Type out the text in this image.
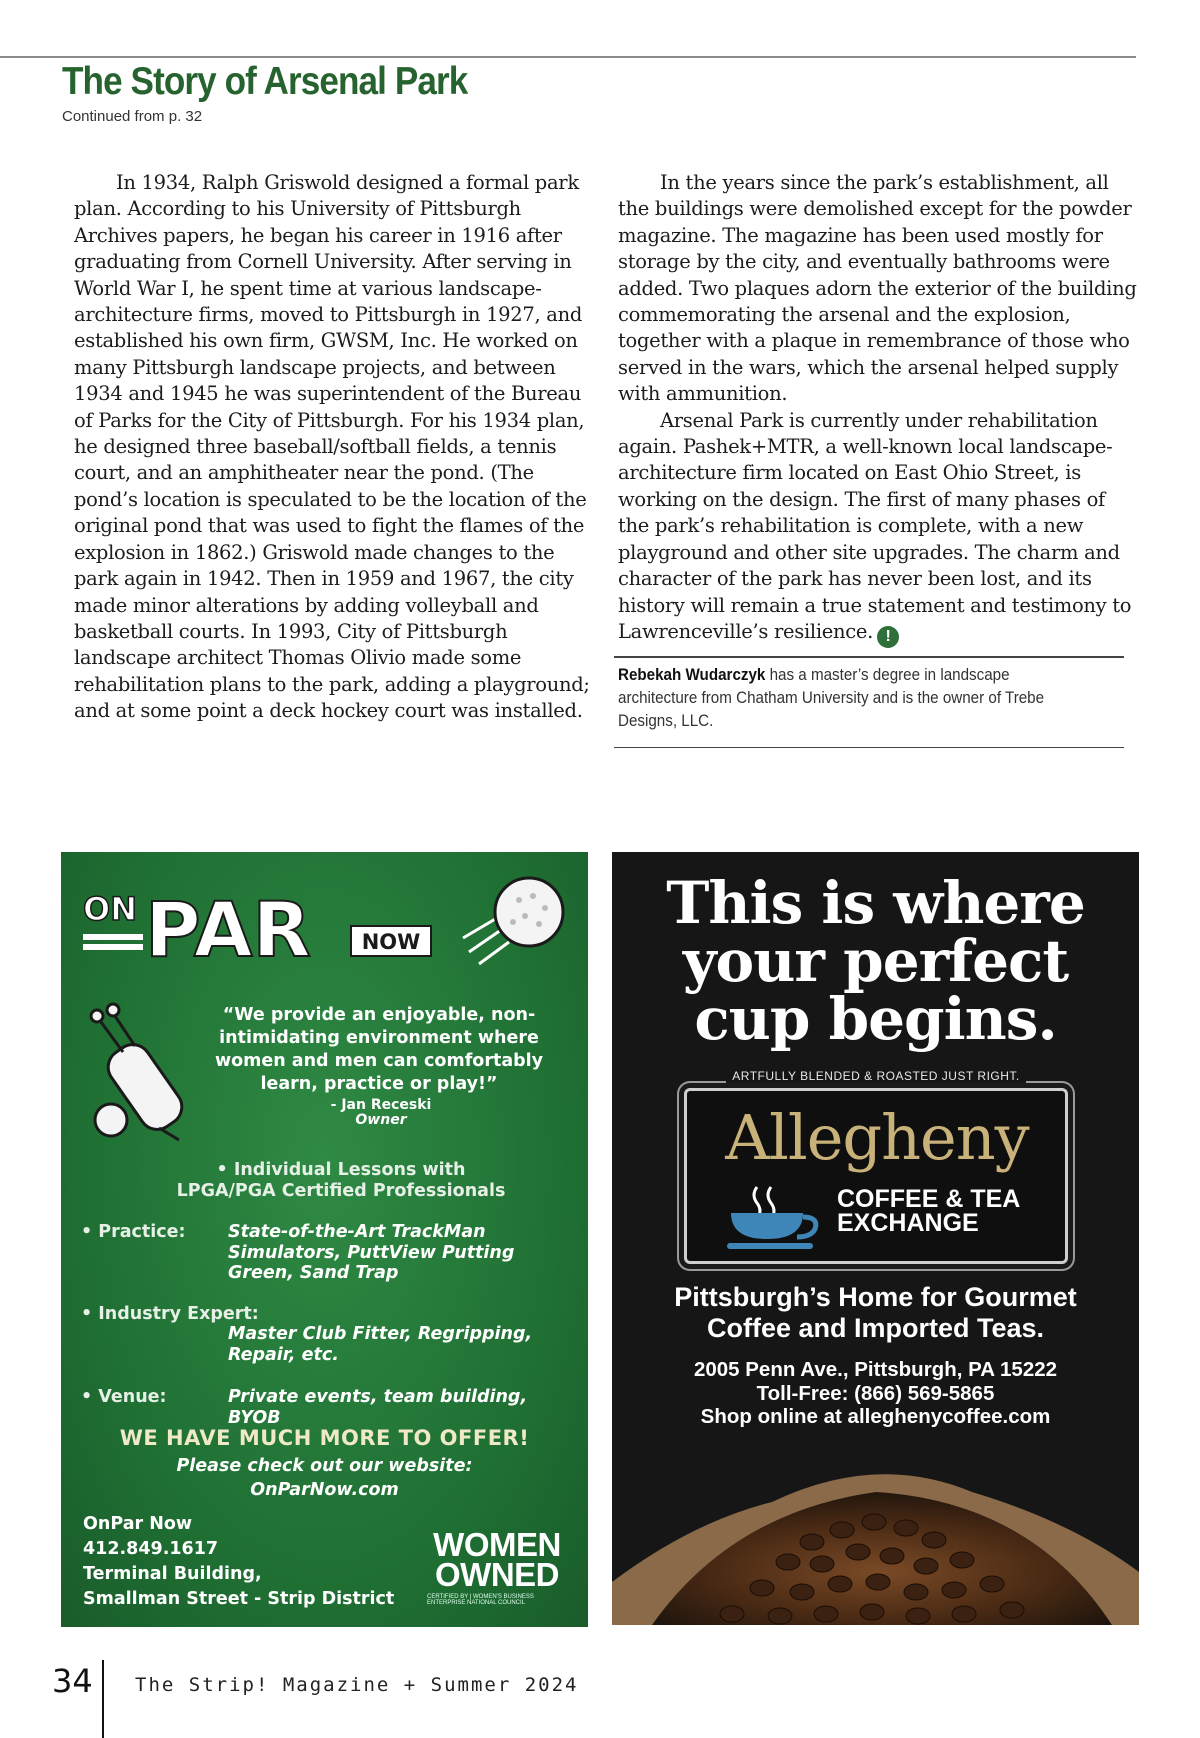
The Story of Arsenal Park
Continued from p. 32

In 1934, Ralph Griswold designed a formal park plan. According to his University of Pittsburgh Archives papers, he began his career in 1916 after graduating from Cornell University. After serving in World War I, he spent time at various landscape-architecture firms, moved to Pittsburgh in 1927, and established his own firm, GWSM, Inc. He worked on many Pittsburgh landscape projects, and between 1934 and 1945 he was superintendent of the Bureau of Parks for the City of Pittsburgh. For his 1934 plan, he designed three baseball/softball fields, a tennis court, and an amphitheater near the pond. (The pond’s location is speculated to be the location of the original pond that was used to fight the flames of the explosion in 1862.) Griswold made changes to the park again in 1942. Then in 1959 and 1967, the city made minor alterations by adding volleyball and basketball courts. In 1993, City of Pittsburgh landscape architect Thomas Olivio made some rehabilitation plans to the park, adding a playground; and at some point a deck hockey court was installed.

In the years since the park’s establishment, all the buildings were demolished except for the powder magazine. The magazine has been used mostly for storage by the city, and eventually bathrooms were added. Two plaques adorn the exterior of the building commemorating the arsenal and the explosion, together with a plaque in remembrance of those who served in the wars, which the arsenal helped supply with ammunition.

Arsenal Park is currently under rehabilitation again. Pashek+MTR, a well-known local landscape-architecture firm located on East Ohio Street, is working on the design. The first of many phases of the park’s rehabilitation is complete, with a new playground and other site upgrades. The charm and character of the park has never been lost, and its history will remain a true statement and testimony to Lawrenceville’s resilience. !

Rebekah Wudarczyk has a master’s degree in landscape architecture from Chatham University and is the owner of Trebe Designs, LLC.
ON PAR NOW
“We provide an enjoyable, non-intimidating environment where women and men can comfortably learn, practice or play!”
- Jan Receski
Owner
• Individual Lessons with
LPGA/PGA Certified Professionals
• Practice: State-of-the-Art TrackMan Simulators, PuttView Putting Green, Sand Trap
• Industry Expert:
Master Club Fitter, Regripping, Repair, etc.
• Venue:	Private events, team building, BYOB
WE HAVE MUCH MORE TO OFFER!
Please check out our website:
OnParNow.com
OnPar Now
412.849.1617
Terminal Building,
Smallman Street - Strip District
WOMEN
OWNED
CERTIFIED BY | WOMEN'S BUSINESS ENTERPRISE NATIONAL COUNCIL
This is where
your perfect
cup begins.
ARTFULLY BLENDED & ROASTED JUST RIGHT.
Allegheny
COFFEE & TEA
EXCHANGE
Pittsburgh’s Home for Gourmet
Coffee and Imported Teas.
2005 Penn Ave., Pittsburgh, PA 15222
Toll-Free: (866) 569-5865
Shop online at alleghenycoffee.com
34 The Strip! Magazine + Summer 2024
